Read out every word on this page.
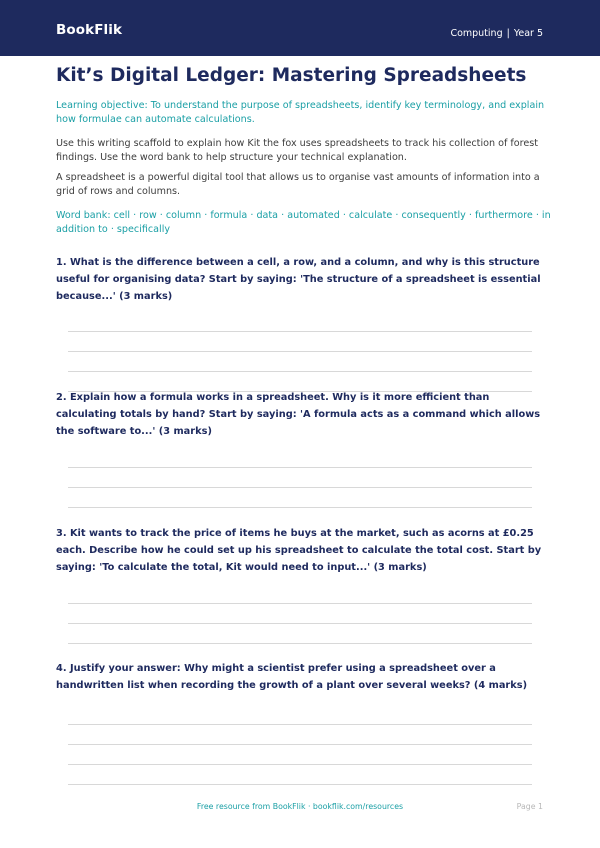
BookFlik	Computing | Year 5
Kit’s Digital Ledger: Mastering Spreadsheets
Learning objective: To understand the purpose of spreadsheets, identify key terminology, and explain how formulae can automate calculations.
Use this writing scaffold to explain how Kit the fox uses spreadsheets to track his collection of forest findings. Use the word bank to help structure your technical explanation.
A spreadsheet is a powerful digital tool that allows us to organise vast amounts of information into a grid of rows and columns.
Word bank: cell · row · column · formula · data · automated · calculate · consequently · furthermore · in addition to · specifically
1. What is the difference between a cell, a row, and a column, and why is this structure useful for organising data? Start by saying: 'The structure of a spreadsheet is essential because...' (3 marks)
2. Explain how a formula works in a spreadsheet. Why is it more efficient than calculating totals by hand? Start by saying: 'A formula acts as a command which allows the software to...' (3 marks)
3. Kit wants to track the price of items he buys at the market, such as acorns at £0.25 each. Describe how he could set up his spreadsheet to calculate the total cost. Start by saying: 'To calculate the total, Kit would need to input...' (3 marks)
4. Justify your answer: Why might a scientist prefer using a spreadsheet over a handwritten list when recording the growth of a plant over several weeks? (4 marks)
Free resource from BookFlik · bookflik.com/resources	Page 1
